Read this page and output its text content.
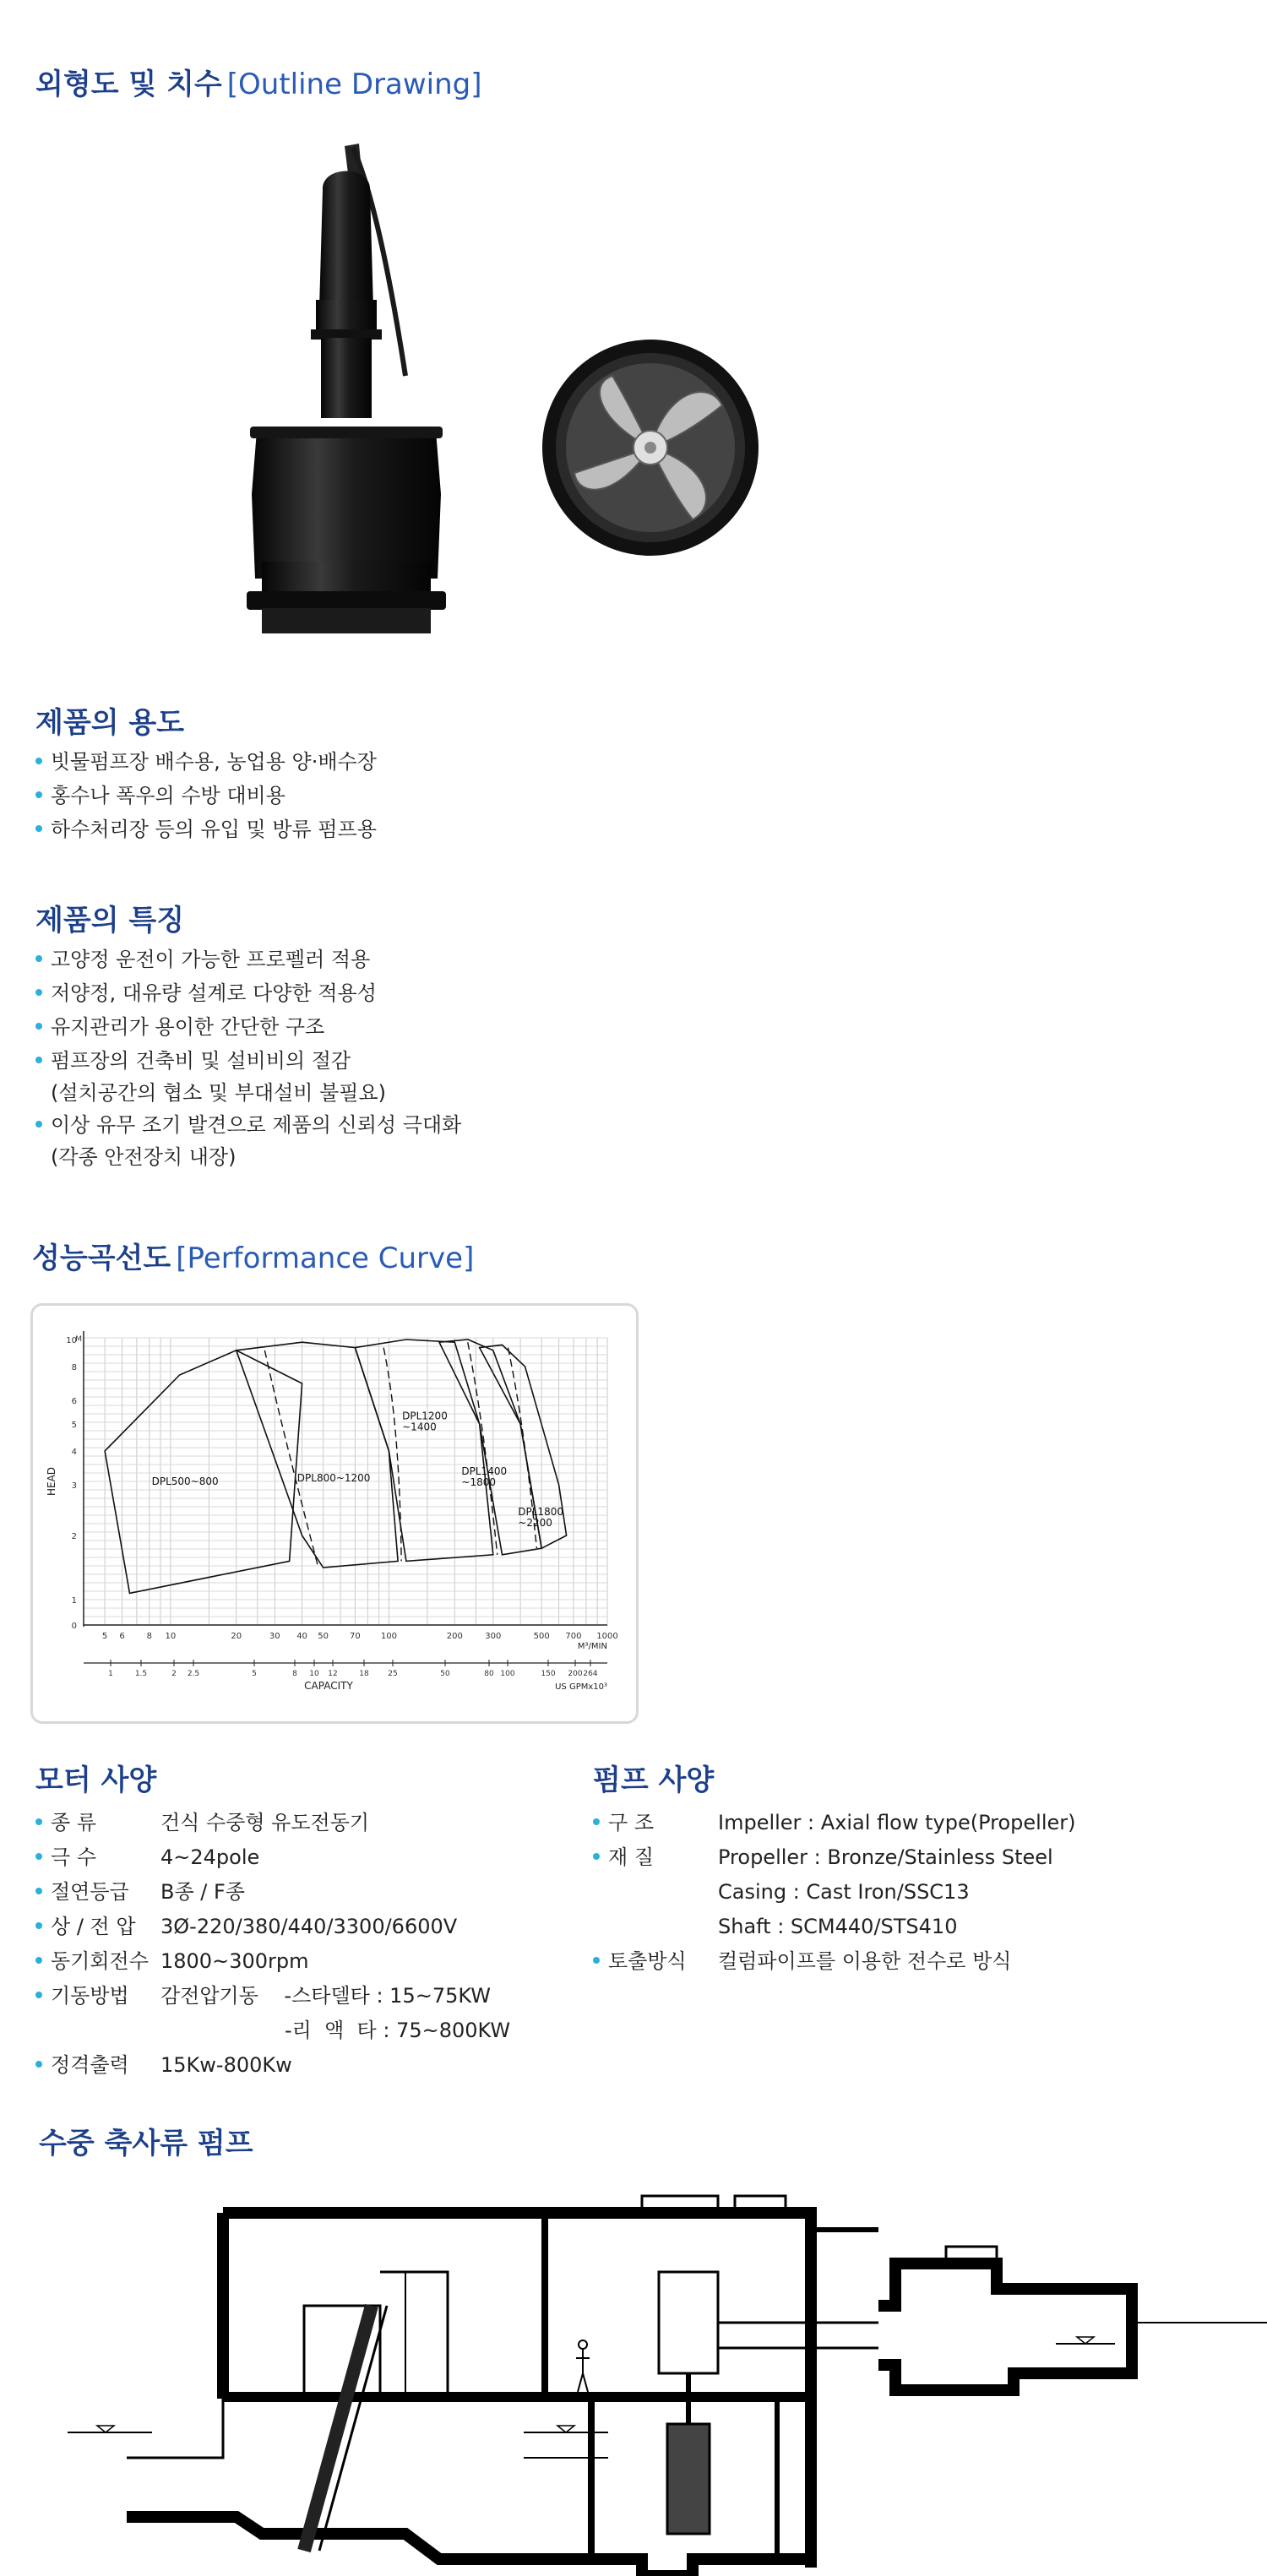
외형도 및 치수 [Outline Drawing]
제품의 용도
빗물펌프장 배수용, 농업용 양·배수장
홍수나 폭우의 수방 대비용
하수처리장 등의 유입 및 방류 펌프용
제품의 특징
고양정 운전이 가능한 프로펠러 적용
저양정, 대유량 설계로 다양한 적용성
유지관리가 용이한 간단한 구조
펌프장의 건축비 및 설비비의 절감
(설치공간의 협소 및 부대설비 불필요)
이상 유무 조기 발견으로 제품의 신뢰성 극대화
(각종 안전장치 내장)
성능곡선도 [Performance Curve]
0
1
2
3
4
5
6
8
10
HEAD
M
5 6	8 10	20	30 40 50	70 100	200	300	500 700 1000
M³/MIN
1	1.5	2 2.5	5	8 10 12	18	25	50	80 100	150 200 264
US GPMx10³
CAPACITY
DPL500~800	DPL800~1200
DPL1200
~1400
DPL1400
~1800
DPL1800
~2200
모터 사양
종 류	건식 수중형 유도전동기
극 수	4~24pole
절연등급	B종 / F종
상 / 전 압	3Ø-220/380/440/3300/6600V
동기회전수 1800~300rpm
기동방법	감전압기동    -스타델타 : 15~75KW
-리  액  타 : 75~800KW
정격출력	15Kw-800Kw
펌프 사양
구 조	Impeller : Axial flow type(Propeller)
재 질	Propeller : Bronze/Stainless Steel
Casing : Cast Iron/SSC13
Shaft : SCM440/STS410
토출방식	컬럼파이프를 이용한 전수로 방식
수중 축사류 펌프
